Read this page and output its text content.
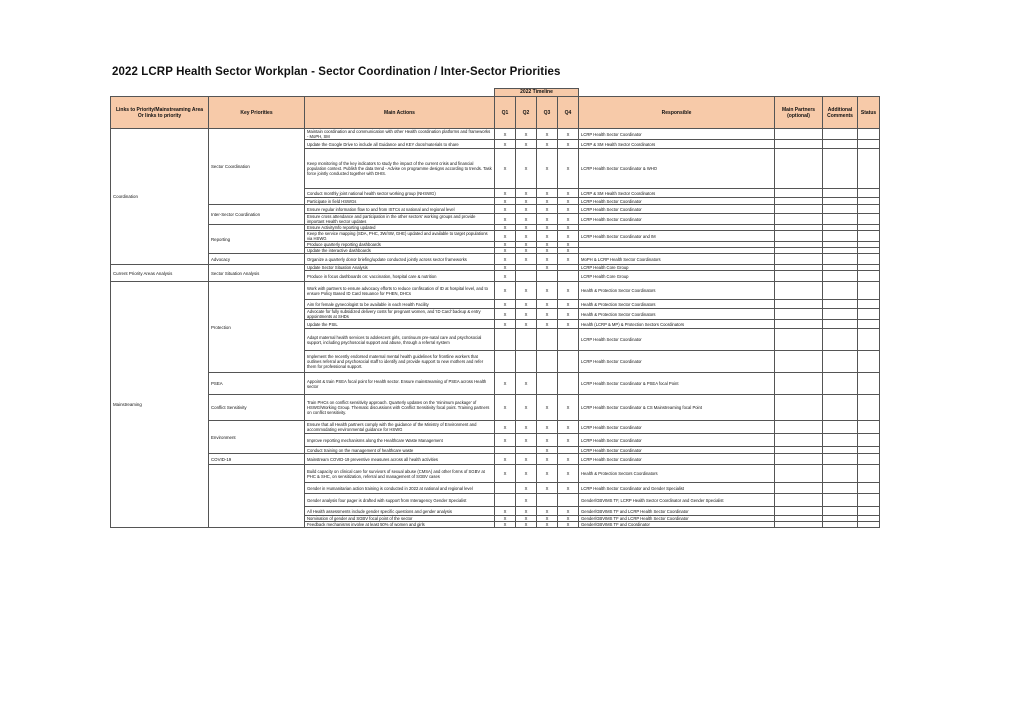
2022 LCRP Health Sector Workplan - Sector Coordination / Inter-Sector Priorities
			2022 Timeline							
Links to Priority/Mainstreaming Area Or links to priority	Key Priorities	Main Actions	Q1	Q2	Q3	Q4	Responsible	Main Partners (optional)	Additional Comments	Status
Coordination	Sector Coordination	Maintain coordination and communication with other Health coordination platforms and frameworks - MoPH, SM	X	X	X	X	LCRP Health Sector Coordinator			
		Update the Google Drive to include all Guidance and KEY docs/materials to share	X	X	X	X	LCRP & SM Health Sector Coordinators			
		Keep monitoring of the key indicators to study the impact of the current crisis and financial population context. Publish the data trend - Advise on programme designs according to trends. Task force jointly conducted together with DHIS.	X	X	X	X	LCRP Health Sector Coordinator & WHO			
		Conduct monthly joint national health sector working group (NHSWG)	X	X	X	X	LCRP & SM Health Sector Coordinators			
		Participate in field HSWGs	X	X	X	X	LCRP Health Sector Coordinator			
	Inter-Sector Coordination	Ensure regular information flow to and from ISTCs at national and regional level	X	X	X	X	LCRP Health Sector Coordinator			
		Ensure cross attendance and participation in the other sectors' working groups and provide important Health sector updates	X	X	X	X	LCRP Health Sector Coordinator			
	Reporting	Ensure ActivityInfo reporting updated	X	X	X	X				
		Keep the service mapping (SDA, PHC, 3W/4W, GHE) updated and available to target populations via HSWG	X	X	X	X	LCRP Health Sector Coordinator and IM			
		Produce quarterly reporting dashboards	X	X	X	X				
		Update the interactive dashboards	X	X	X	X				
	Advocacy	Organize a quarterly donor briefing/update conducted jointly across sector frameworks	X	X	X	X	MoPH & LCRP Health Sector Coordinators			
Current Priority Areas Analysis	Sector Situation Analysis	Update Sector Situation Analysis	X		X		LCRP Health Core Group			
		Produce in focus dashboards on: vaccination, hospital care & nutrition	X				LCRP Health Core Group			
Mainstreaming	Protection	Work with partners to ensure advocacy efforts to reduce confiscation of ID at hospital level, and to ensure Policy Based ID Card Issuance for PHEN, DHCs	X	X	X	X	Health & Protection Sector Coordinators			
		Aim for female gynecologist to be available in each Health Facility	X	X	X	X	Health & Protection Sector Coordinators			
		Advocate for fully subsidized delivery costs for pregnant women, and 'ID Card' backup & entry appointments at SHDs	X	X	X	X	Health & Protection Sector Coordinators			
		Update the PSIL	X	X	X	X	Health (LCRP & MP) & Protection Sectors Coordinators			
		Adapt maternal health services to adolescent girls, continuum pre-natal care and psychosocial support, including psychosocial support and abuse, through a referral system					LCRP Health Sector Coordinator			
		Implement the recently endorsed maternal mental health guidelines for frontline workers that outlines referral and psychosocial staff to identify and provide support to new mothers and refer them for professional support.					LCRP Health Sector Coordinator			
	PSEA	Appoint & train PSEA focal point for Health sector. Ensure mainstreaming of PSEA across Health sector	X	X			LCRP Health Sector Coordinator & PSEA focal Point			
	Conflict Sensitivity	Train PHCs on conflict sensitivity approach. Quarterly updates on the 'minimum package' of HSWG/Working Group. Thematic discussions with Conflict Sensitivity focal point. Training partners on conflict sensitivity.	X	X	X	X	LCRP Health Sector Coordinator & CS Mainstreaming focal Point			
	Environment	Ensure that all Health partners comply with the guidance of the Ministry of Environment and accommodating environmental guidance for HSWG	X	X	X	X	LCRP Health Sector Coordinator			
		Improve reporting mechanisms along the Healthcare Waste Management	X	X	X	X	LCRP Health Sector Coordinator			
		Conduct training on the management of healthcare waste			X		LCRP Health Sector Coordinator			
	COVID-19	Mainstream COVID-19 preventive measures across all health activities	X	X	X	X	LCRP Health Sector Coordinator			
		Build capacity on clinical care for survivors of sexual abuse (CMSA) and other forms of SGBV at PHC & SHC, on sensitization, referral and management of SGBV cases	X	X	X	X	Health & Protection Sectors Coordinators			
		Gender in Humanitarian action training is conducted in 2022 at national and regional level		X	X	X	LCRP Health Sector Coordinator and Gender Specialist			
		Gender analysis four pager is drafted with support from Interagency Gender Specialist		X			Gender/GBVIMS TF, LCRP Health Sector Coordinator and Gender Specialist			
		All Health assessments include gender specific questions and gender analysis	X	X	X	X	Gender/GBVIMS TF and LCRP Health Sector Coordinator			
		Nomination of gender and SGBV focal point of the sector	X	X	X	X	Gender/GBVIMS TF and LCRP Health Sector Coordinator			
		Feedback mechanisms involve at least 50% of women and girls	X	X	X	X	Gender/GBVIMS TF and Coordinator			
